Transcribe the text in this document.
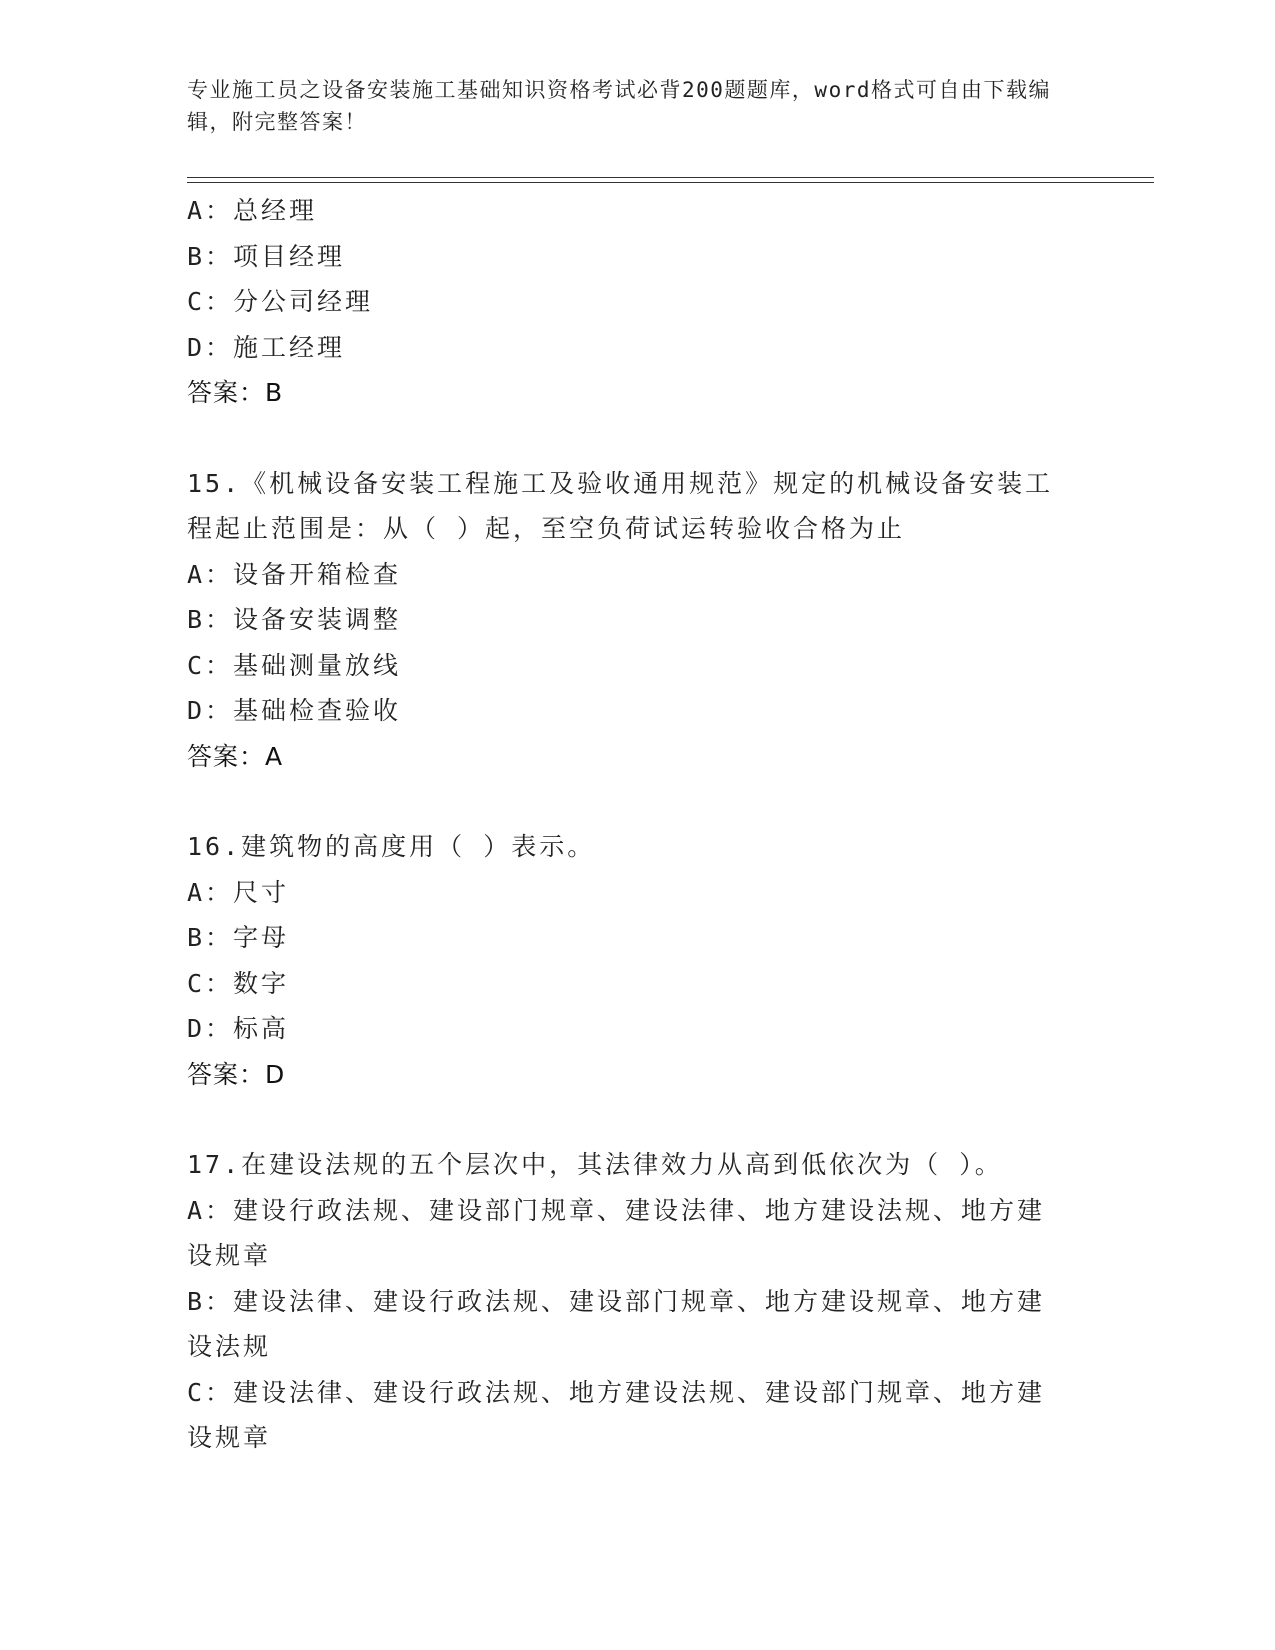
专业施工员之设备安装施工基础知识资格考试必背200题题库，word格式可自由下载编辑，附完整答案！
A：总经理
B：项目经理
C：分公司经理
D：施工经理
答案：B
15.《机械设备安装工程施工及验收通用规范》规定的机械设备安装工
程起止范围是：从（ ）起，至空负荷试运转验收合格为止
A：设备开箱检查
B：设备安装调整
C：基础测量放线
D：基础检查验收
答案：A
16.建筑物的高度用（ ）表示。
A：尺寸
B：字母
C：数字
D：标高
答案：D
17.在建设法规的五个层次中，其法律效力从高到低依次为（ ）。
A：建设行政法规、建设部门规章、建设法律、地方建设法规、地方建
设规章
B：建设法律、建设行政法规、建设部门规章、地方建设规章、地方建
设法规
C：建设法律、建设行政法规、地方建设法规、建设部门规章、地方建
设规章
